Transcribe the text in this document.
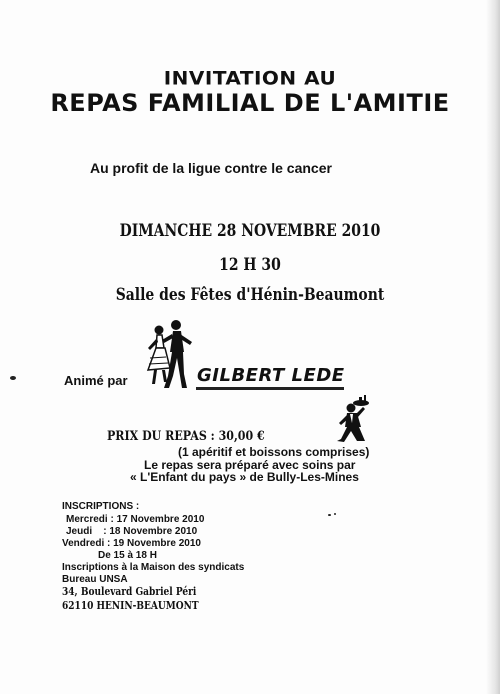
INVITATION AU
REPAS FAMILIAL DE L'AMITIE
Au profit de la ligue contre le cancer
DIMANCHE 28 NOVEMBRE 2010
12 H 30
Salle des Fêtes d'Hénin-Beaumont
Animé par	GILBERT LEDE
PRIX DU REPAS : 30,00 €
(1 apéritif et boissons comprises)
Le repas sera préparé avec soins par
« L'Enfant du pays » de Bully-Les-Mines
INSCRIPTIONS :
Mercredi : 17 Novembre 2010
Jeudi    : 18 Novembre 2010
Vendredi : 19 Novembre 2010
De 15 à 18 H
Inscriptions à la Maison des syndicats
Bureau UNSA
34, Boulevard Gabriel Péri
62110 HENIN-BEAUMONT
